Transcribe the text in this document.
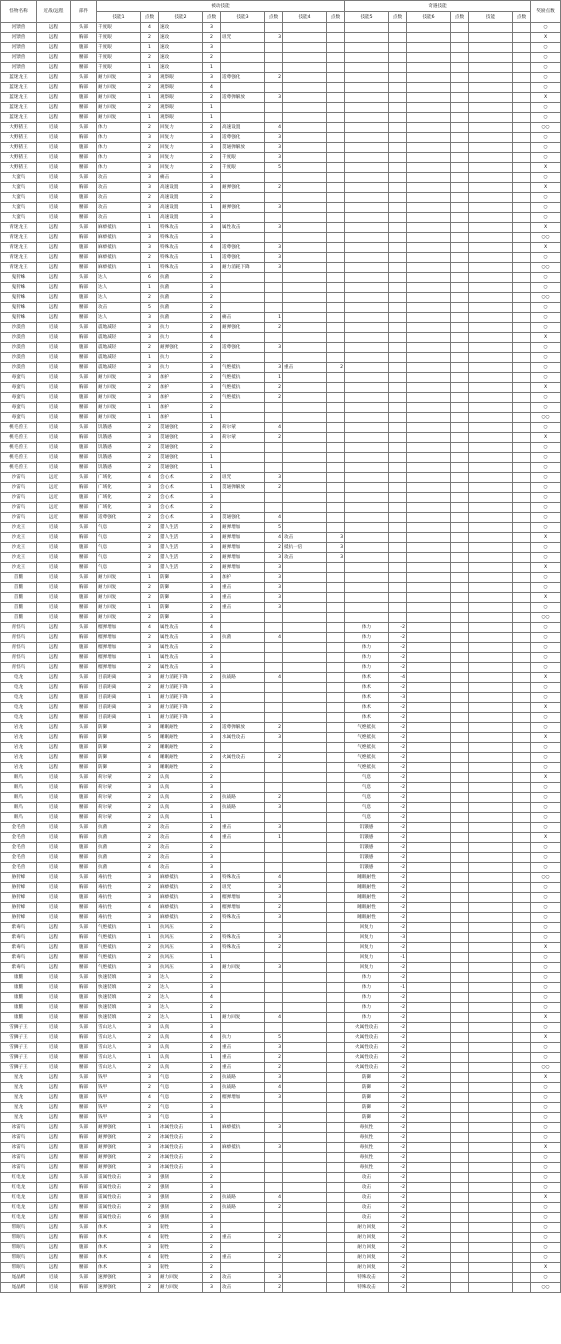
怪物名称	近战/远程	部件	被动技能								奇遇技能						奖励点数
			技能1	点数	技能2	点数	技能3	点数	技能4	点数	技能5	点数	技能6	点数	技能	点数	
河馈兽	远程	头部	千度眼	4	速攻	3											○
河馈兽	远程	胸部	千度眼	2	速攻	2	诅咒	3									X
河馈兽	远程	腹部	千度眼	1	速攻	3											○
河馈兽	远程	腰部	千度眼	2	速攻	2											○
河馈兽	远程	腰部	千度眼	1	速攻	1											○
蓝迷龙王	远程	头部	耐力回复	3	观察眼	3	适尊强化	2									○
蓝迷龙王	远程	胸部	耐力回复	2	观察眼	4											○
蓝迷龙王	远程	腹部	耐力回复	1	观察眼	2	适尊弹解放	3									X
蓝迷龙王	远程	腰部	耐力回复	2	观察眼	1											○
蓝迷龙王	远程	腰部	耐力回复	1	观察眼	1											○
大野猪王	近战	头部	体力	2	回复力	2	高速设置	4									○○
大野猪王	近战	胸部	体力	3	回复力	3	适尊强化	3									○
大野猪王	近战	腹部	体力	2	回复力	3	贯通弹解放	3									○
大野猪王	近战	腰部	体力	3	回复力	2	千度眼	3									○
大野猪王	近战	腰部	体力	3	回复力	2	千度眼	5									X
大蛮鸟	近战	头部	攻击	3	痛击	3											○
大蛮鸟	近战	胸部	攻击	3	高速设置	3	耐弹强化	2									X
大蛮鸟	近战	腹部	攻击	2	高速设置	2											○
大蛮鸟	近战	腰部	攻击	3	高速设置	1	耐弹强化	3									○
大蛮鸟	近战	腰部	攻击	1	高速设置	3											○
青迷龙王	远程	头部	麻痹抵抗	1	特殊攻击	3	属性攻击	3									X
青迷龙王	远程	胸部	麻痹抵抗	3	特殊攻击	3											○○
青迷龙王	远程	腹部	麻痹抵抗	3	特殊攻击	4	适尊强化	3									X
青迷龙王	远程	腰部	麻痹抵抗	2	特殊攻击	1	适尊强化	3									○
青迷龙王	远程	腰部	麻痹抵抗	1	特殊攻击	3	耐力消耗下降	3									○○
鬼狩蛛	远程	头部	达人	6	抗菌	2											○
鬼狩蛛	远程	胸部	达人	1	抗菌	3											○
鬼狩蛛	远程	腹部	达人	2	抗菌	2											○○
鬼狩蛛	远程	腰部	攻击	5	抗菌	2											○
鬼狩蛛	远程	腰部	达人	3	抗菌	2	痛击	1									○
沙漠兽	近战	头部	震地减轻	3	抗力	2	耐弹强化	2									○
沙漠兽	近战	胸部	震地减轻	3	抗力	4											X
沙漠兽	近战	腹部	震地减轻	2	耐弹强化	2	适尊强化	3									○
沙漠兽	近战	腰部	震地减轻	1	抗力	2											○
沙漠兽	近战	腰部	震地减轻	3	抗力	3	气绝抵抗	3	重击	2							○
毒蛮鸟	近战	头部	耐力回复	3	加护	2	气绝抵抗	1									○
毒蛮鸟	近战	胸部	耐力回复	2	加护	3	气绝抵抗	2									X
毒蛮鸟	近战	腹部	耐力回复	3	加护	2	气绝抵抗	2									○
毒蛮鸟	近战	腰部	耐力回复	1	加护	2											○
毒蛮鸟	近战	腰部	耐力回复	1	加护	1											○○
桃毛兽王	近战	头部	饥饿感	2	贯通强化	2	荷尔蒙	4									○
桃毛兽王	近战	胸部	饥饿感	3	贯通强化	3	荷尔蒙	2									X
桃毛兽王	近战	腹部	饥饿感	2	贯通强化	2											○
桃毛兽王	近战	腰部	饥饿感	2	贯通强化	1											○
桃毛兽王	近战	腰部	饥饿感	2	贯通强化	1											○
沙雷鸟	远近	头部	广域化	4	会心术	2	诅咒	3									○
沙雷鸟	远近	胸部	广域化	3	会心术	1	贯通弹解放	2									○
沙雷鸟	远近	腹部	广域化	2	会心术	3											○
沙雷鸟	远近	腰部	广域化	3	会心术	2											○
沙雷鸟	远近	腰部	适尊强化	2	会心术	3	贯通强化	4									○
沙龙王	近战	头部	气息	2	猎人生活	2	耐弹增加	5									○
沙龙王	近战	胸部	气息	2	猎人生活	3	耐弹增加	4	攻击	3							X
沙龙王	近战	腹部	气息	3	猎人生活	3	耐弹增加	2	抵抗一倍	3							○
沙龙王	近战	腰部	气息	2	猎人生活	2	耐弹增加	3	攻击	3							○
沙龙王	近战	腰部	气息	3	猎人生活	2	耐弹增加	3									X
首鳖	近战	头部	耐力回复	1	防御	3	加护	3									○
首鳖	近战	胸部	耐力回复	2	防御	3	重击	3									○
首鳖	近战	腹部	耐力回复	2	防御	3	重击	3									X
首鳖	近战	腰部	耐力回复	1	防御	2	重击	3									○
首鳖	近战	腰部	耐力回复	2	防御	3											○○
青怪鸟	远程	头部	榴弹增加	4	属性攻击	4					体力	-2					○
青怪鸟	远程	胸部	榴弹增加	2	属性攻击	3	抗菌	4			体力	-2					○
青怪鸟	远程	腹部	榴弹增加	3	属性攻击	2					体力	-2					○
青怪鸟	远程	腰部	榴弹增加	1	属性攻击	3					体力	-2					○
青怪鸟	远程	腰部	榴弹增加	2	属性攻击	3					体力	-2					○
电龙	远程	头部	目前距离	3	耐力消耗下降	2	抗战路	4			体术	-4					X
电龙	远程	胸部	目前距离	2	耐力消耗下降	3					体术	-2					○
电龙	远程	腹部	目前距离	1	耐力消耗下降	3					体术	-3					○
电龙	远程	腰部	目前距离	3	耐力消耗下降	2					体术	-2					X
电龙	远程	腰部	目前距离	1	耐力消耗下降	3					体术	-2					○
岩龙	远程	头部	防御	3	睡眠耐性	2	适尊弹解放	2			气绝抵抗	-2					○
岩龙	远程	胸部	防御	5	睡眠耐性	3	水属性攻击	3			气绝抵抗	-2					X
岩龙	远程	腹部	防御	2	睡眠耐性	2					气绝抵抗	-2					○
岩龙	远程	腰部	防御	4	睡眠耐性	2	火属性攻击	2			气绝抵抗	-2					○
岩龙	远程	腰部	防御	3	睡眠耐性	2					气绝抵抗	-2					○
眠鸟	近战	头部	荷尔蒙	2	认真	2					气息	-2					X
眠鸟	近战	胸部	荷尔蒙	3	认真	3					气息	-2					○
眠鸟	近战	腹部	荷尔蒙	2	认真	2	抗战路	2			气息	-2					○
眠鸟	近战	腰部	荷尔蒙	2	认真	3	抗战路	3			气息	-2					○
眠鸟	近战	腰部	荷尔蒙	2	认真	1					气息	-2					○
金毛兽	近战	头部	抗菌	2	攻击	2	重击	3			饥饿感	-2					○
金毛兽	近战	胸部	抗菌	2	攻击	4	重击	1			饥饿感	-2					X
金毛兽	近战	腹部	抗菌	2	攻击	2					饥饿感	-2					○
金毛兽	近战	腰部	抗菌	2	攻击	3					饥饿感	-2					○
金毛兽	近战	腰部	抗菌	4	攻击	3					饥饿感	-2					○
胁狩蜂	近战	头部	毒抗性	3	麻痹抵抗	3	特殊攻击	4			睡眠耐性	-2					○○
胁狩蜂	近战	胸部	毒抗性	2	麻痹抵抗	2	诅咒	3			睡眠耐性	-2					○
胁狩蜂	近战	腹部	毒抗性	3	麻痹抵抗	3	榴弹增加	3			睡眠耐性	-2					○
胁狩蜂	近战	腰部	毒抗性	4	麻痹抵抗	3	榴弹增加	2			睡眠耐性	-2					○
胁狩蜂	近战	腰部	毒抗性	3	麻痹抵抗	2	特殊攻击	3			睡眠耐性	-2					○
紫毒鸟	远程	头部	气绝抵抗	1	抗风压	2					回复力	-2					○
紫毒鸟	远程	胸部	气绝抵抗	1	抗风压	2	特殊攻击	3			回复力	-3					○
紫毒鸟	远程	腹部	气绝抵抗	2	抗风压	3	特殊攻击	2			回复力	-2					X
紫毒鸟	远程	腰部	气绝抵抗	2	抗风压	1					回复力	-1					○
紫毒鸟	远程	腰部	气绝抵抗	3	抗风压	3	耐力回复	3			回复力	-2					○
康鳖	近战	头部	快速装填	3	达人	2					体力	-2					○
康鳖	近战	胸部	快速装填	2	达人	3					体力	-1					○
康鳖	近战	腹部	快速装填	2	达人	4					体力	-2					○
康鳖	近战	腰部	快速装填	3	达人	2					体力	-2					○
康鳖	近战	腰部	快速装填	2	达人	1	耐力回复	4			体力	-2					X
雪狮子王	近战	头部	雪山达人	3	认真	3					火属性攻击	-2					○
雪狮子王	近战	胸部	雪山达人	2	认真	4	抗力	5			火属性攻击	-2					X
雪狮子王	近战	腹部	雪山达人	3	认真	2	重击	3			火属性攻击	-2					○
雪狮子王	近战	腰部	雪山达人	1	认真	1	重击	2			火属性攻击	-2					○
雪狮子王	近战	腰部	雪山达人	2	认真	2	重击	2			火属性攻击	-2					○○
星龙	远程	头部	钱甲	3	气息	2	抗战路	3			防御	-2					X
星龙	远程	胸部	钱甲	2	气息	3	抗战路	4			防御	-2					○
星龙	远程	腹部	钱甲	4	气息	2	榴弹增加	3			防御	-2					○
星龙	远程	腰部	钱甲	2	气息	3					防御	-2					○
星龙	远程	腰部	钱甲	3	气息	3					防御	-2					○
冰雷鸟	远程	头部	耐弹强化	1	冰属性攻击	1	麻痹抵抗	3			毒抗性	-2					○
冰雷鸟	远程	胸部	耐弹强化	2	冰属性攻击	2					毒抗性	-2					○
冰雷鸟	远程	腹部	耐弹强化	3	冰属性攻击	3	麻痹抵抗	3			毒抗性	-2					X
冰雷鸟	远程	腰部	耐弹强化	2	冰属性攻击	2					毒抗性	-2					○
冰雷鸟	远程	腰部	耐弹强化	3	冰属性攻击	3					毒抗性	-2					○
红电龙	远程	头部	雷属性攻击	3	强韧	2					攻击	-2					○
红电龙	远程	胸部	雷属性攻击	2	强韧	3					攻击	-2					○
红电龙	远程	腹部	雷属性攻击	3	强韧	2	抗战路	4			攻击	-2					X
红电龙	远程	腰部	雷属性攻击	2	强韧	2	抗战路	2			攻击	-2					○
红电龙	远程	腰部	雷属性攻击	6	强韧	3					攻击	-2					○
带眠鸟	远程	头部	体术	3	韧性	3					耐力回复	-2					○
带眠鸟	远程	胸部	体术	4	韧性	2	重击	2			耐力回复	-2					○
带眠鸟	远程	腹部	体术	3	韧性	2					耐力回复	-2					○
带眠鸟	远程	腰部	体术	4	韧性	2	重击	2			耐力回复	-2					○
带眠鸟	远程	腰部	体术	3	韧性	2					耐力回复	-2					X
尾晶鳄	近战	头部	速弹强化	3	耐力回复	2	攻击	3			特殊攻击	-2					○
尾晶鳄	近战	胸部	速弹强化	2	耐力回复	3	攻击	2			特殊攻击	-2					○○
